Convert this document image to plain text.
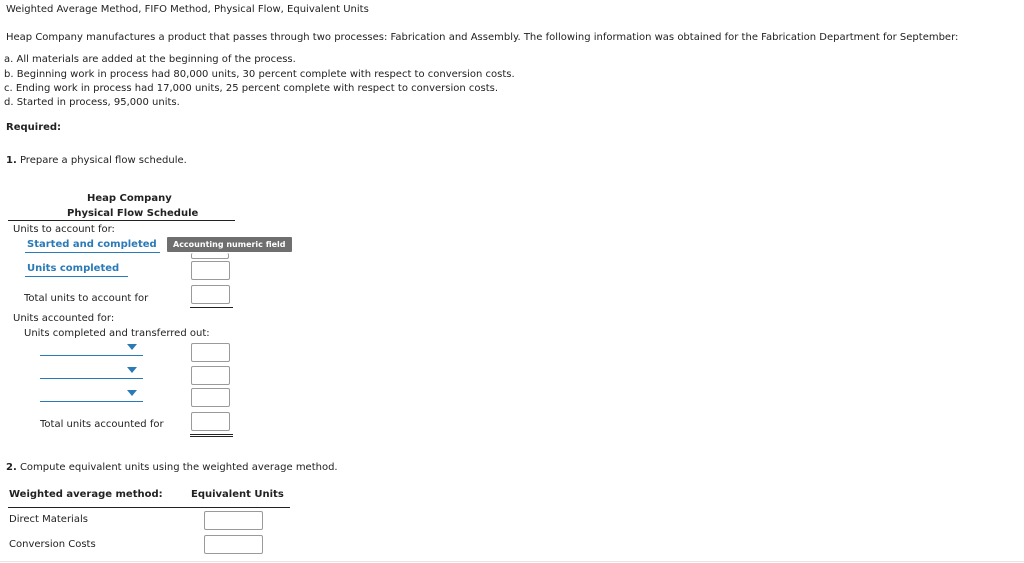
Weighted Average Method, FIFO Method, Physical Flow, Equivalent Units
Heap Company manufactures a product that passes through two processes: Fabrication and Assembly. The following information was obtained for the Fabrication Department for September:
a. All materials are added at the beginning of the process.
b. Beginning work in process had 80,000 units, 30 percent complete with respect to conversion costs.
c. Ending work in process had 17,000 units, 25 percent complete with respect to conversion costs.
d. Started in process, 95,000 units.
Required:
1. Prepare a physical flow schedule.
Heap Company
Physical Flow Schedule
Units to account for:
Started and completed	Accounting numeric field
Units completed
Total units to account for
Units accounted for:
Units completed and transferred out:
Total units accounted for
2. Compute equivalent units using the weighted average method.
Weighted average method:	Equivalent Units
Direct Materials
Conversion Costs
